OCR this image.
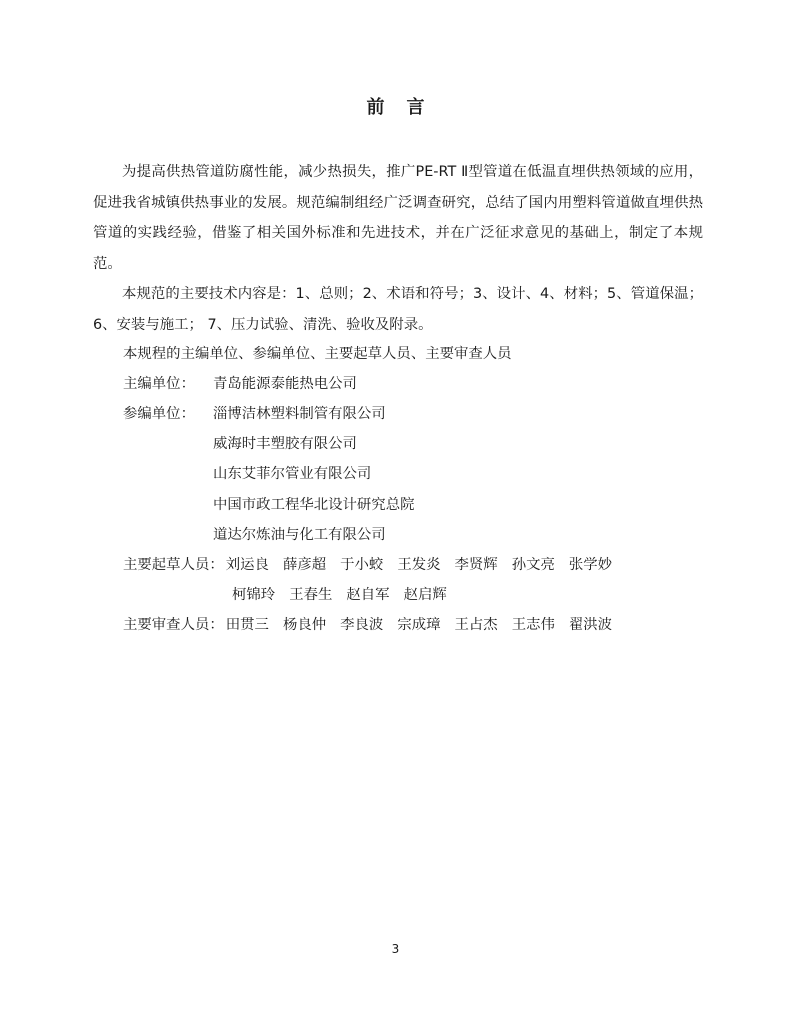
前 言
为提高供热管道防腐性能，减少热损失，推广PE-RT Ⅱ型管道在低温直埋供热领域的应用，促进我省城镇供热事业的发展。规范编制组经广泛调查研究，总结了国内用塑料管道做直埋供热管道的实践经验，借鉴了相关国外标准和先进技术，并在广泛征求意见的基础上，制定了本规范。
本规范的主要技术内容是：1、总则；2、术语和符号；3、设计、4、材料；5、管道保温；6、安装与施工； 7、压力试验、清洗、验收及附录。
本规程的主编单位、参编单位、主要起草人员、主要审查人员
主编单位： 青岛能源泰能热电公司
参编单位： 淄博洁林塑料制管有限公司
威海时丰塑胶有限公司
山东艾菲尔管业有限公司
中国市政工程华北设计研究总院
道达尔炼油与化工有限公司
主要起草人员： 刘运良 薛彦超 于小蛟 王发炎 李贤辉 孙文亮 张学妙
柯锦玲 王春生 赵自军 赵启辉
主要审查人员： 田贯三 杨良仲 李良波 宗成璋 王占杰 王志伟 翟洪波
3
